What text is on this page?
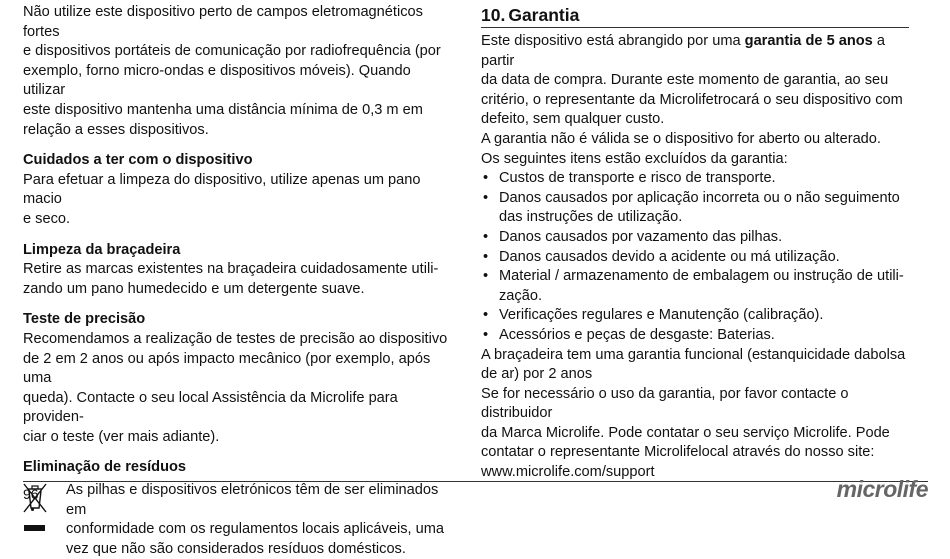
Não utilize este dispositivo perto de campos eletromagnéticos fortes
e dispositivos portáteis de comunicação por radiofrequência (por
exemplo, forno micro-ondas e dispositivos móveis). Quando utilizar
este dispositivo mantenha uma distância mínima de 0,3 m em
relação a esses dispositivos.

Cuidados a ter com o dispositivo

Para efetuar a limpeza do dispositivo, utilize apenas um pano macio
e seco.

Limpeza da braçadeira

Retire as marcas existentes na braçadeira cuidadosamente utili-
zando um pano humedecido e um detergente suave.

Teste de precisão

Recomendamos a realização de testes de precisão ao dispositivo
de 2 em 2 anos ou após impacto mecânico (por exemplo, após uma
queda). Contacte o seu local Assistência da Microlife para providen-
ciar o teste (ver mais adiante).

Eliminação de resíduos

As pilhas e dispositivos eletrónicos têm de ser eliminados em
conformidade com os regulamentos locais aplicáveis, uma
vez que não são considerados resíduos domésticos.

10. Garantia

Este dispositivo está abrangido por uma garantia de 5 anos a partir
da data de compra. Durante este momento de garantia, ao seu
critério, o representante da Microlifetrocará o seu dispositivo com
defeito, sem qualquer custo.

A garantia não é válida se o dispositivo for aberto ou alterado.

Os seguintes itens estão excluídos da garantia:

• Custos de transporte e risco de transporte.
• Danos causados por aplicação incorreta ou o não seguimento
das instruções de utilização.
• Danos causados por vazamento das pilhas.
• Danos causados devido a acidente ou má utilização.
• Material / armazenamento de embalagem ou instrução de utili-
zação.
• Verificações regulares e Manutenção (calibração).
• Acessórios e peças de desgaste: Baterias.

A braçadeira tem uma garantia funcional (estanquicidade dabolsa
de ar) por 2 anos

Se for necessário o uso da garantia, por favor contacte o distribuidor
da Marca Microlife. Pode contatar o seu serviço Microlife. Pode
contatar o representante Microlifelocal através do nosso site:
www.microlife.com/support

96	microlife
